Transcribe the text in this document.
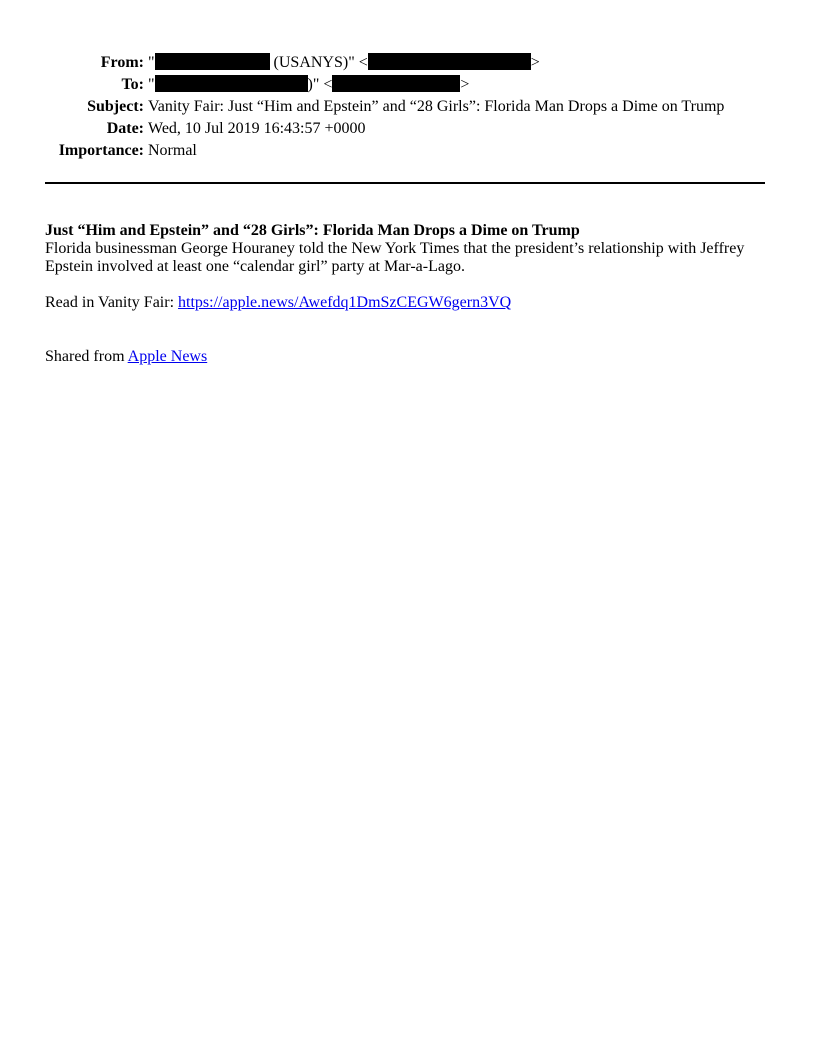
From: "	(USANYS)" <	>
To: "	)" <	>
Subject: Vanity Fair: Just “Him and Epstein” and “28 Girls”: Florida Man Drops a Dime on Trump
Date: Wed, 10 Jul 2019 16:43:57 +0000
Importance: Normal
Just “Him and Epstein” and “28 Girls”: Florida Man Drops a Dime on Trump

Florida businessman George Houraney told the New York Times that the president’s relationship with Jeffrey Epstein involved at least one “calendar girl” party at Mar-a-Lago.

Read in Vanity Fair: https://apple.news/Awefdq1DmSzCEGW6gern3VQ
Shared from Apple News
